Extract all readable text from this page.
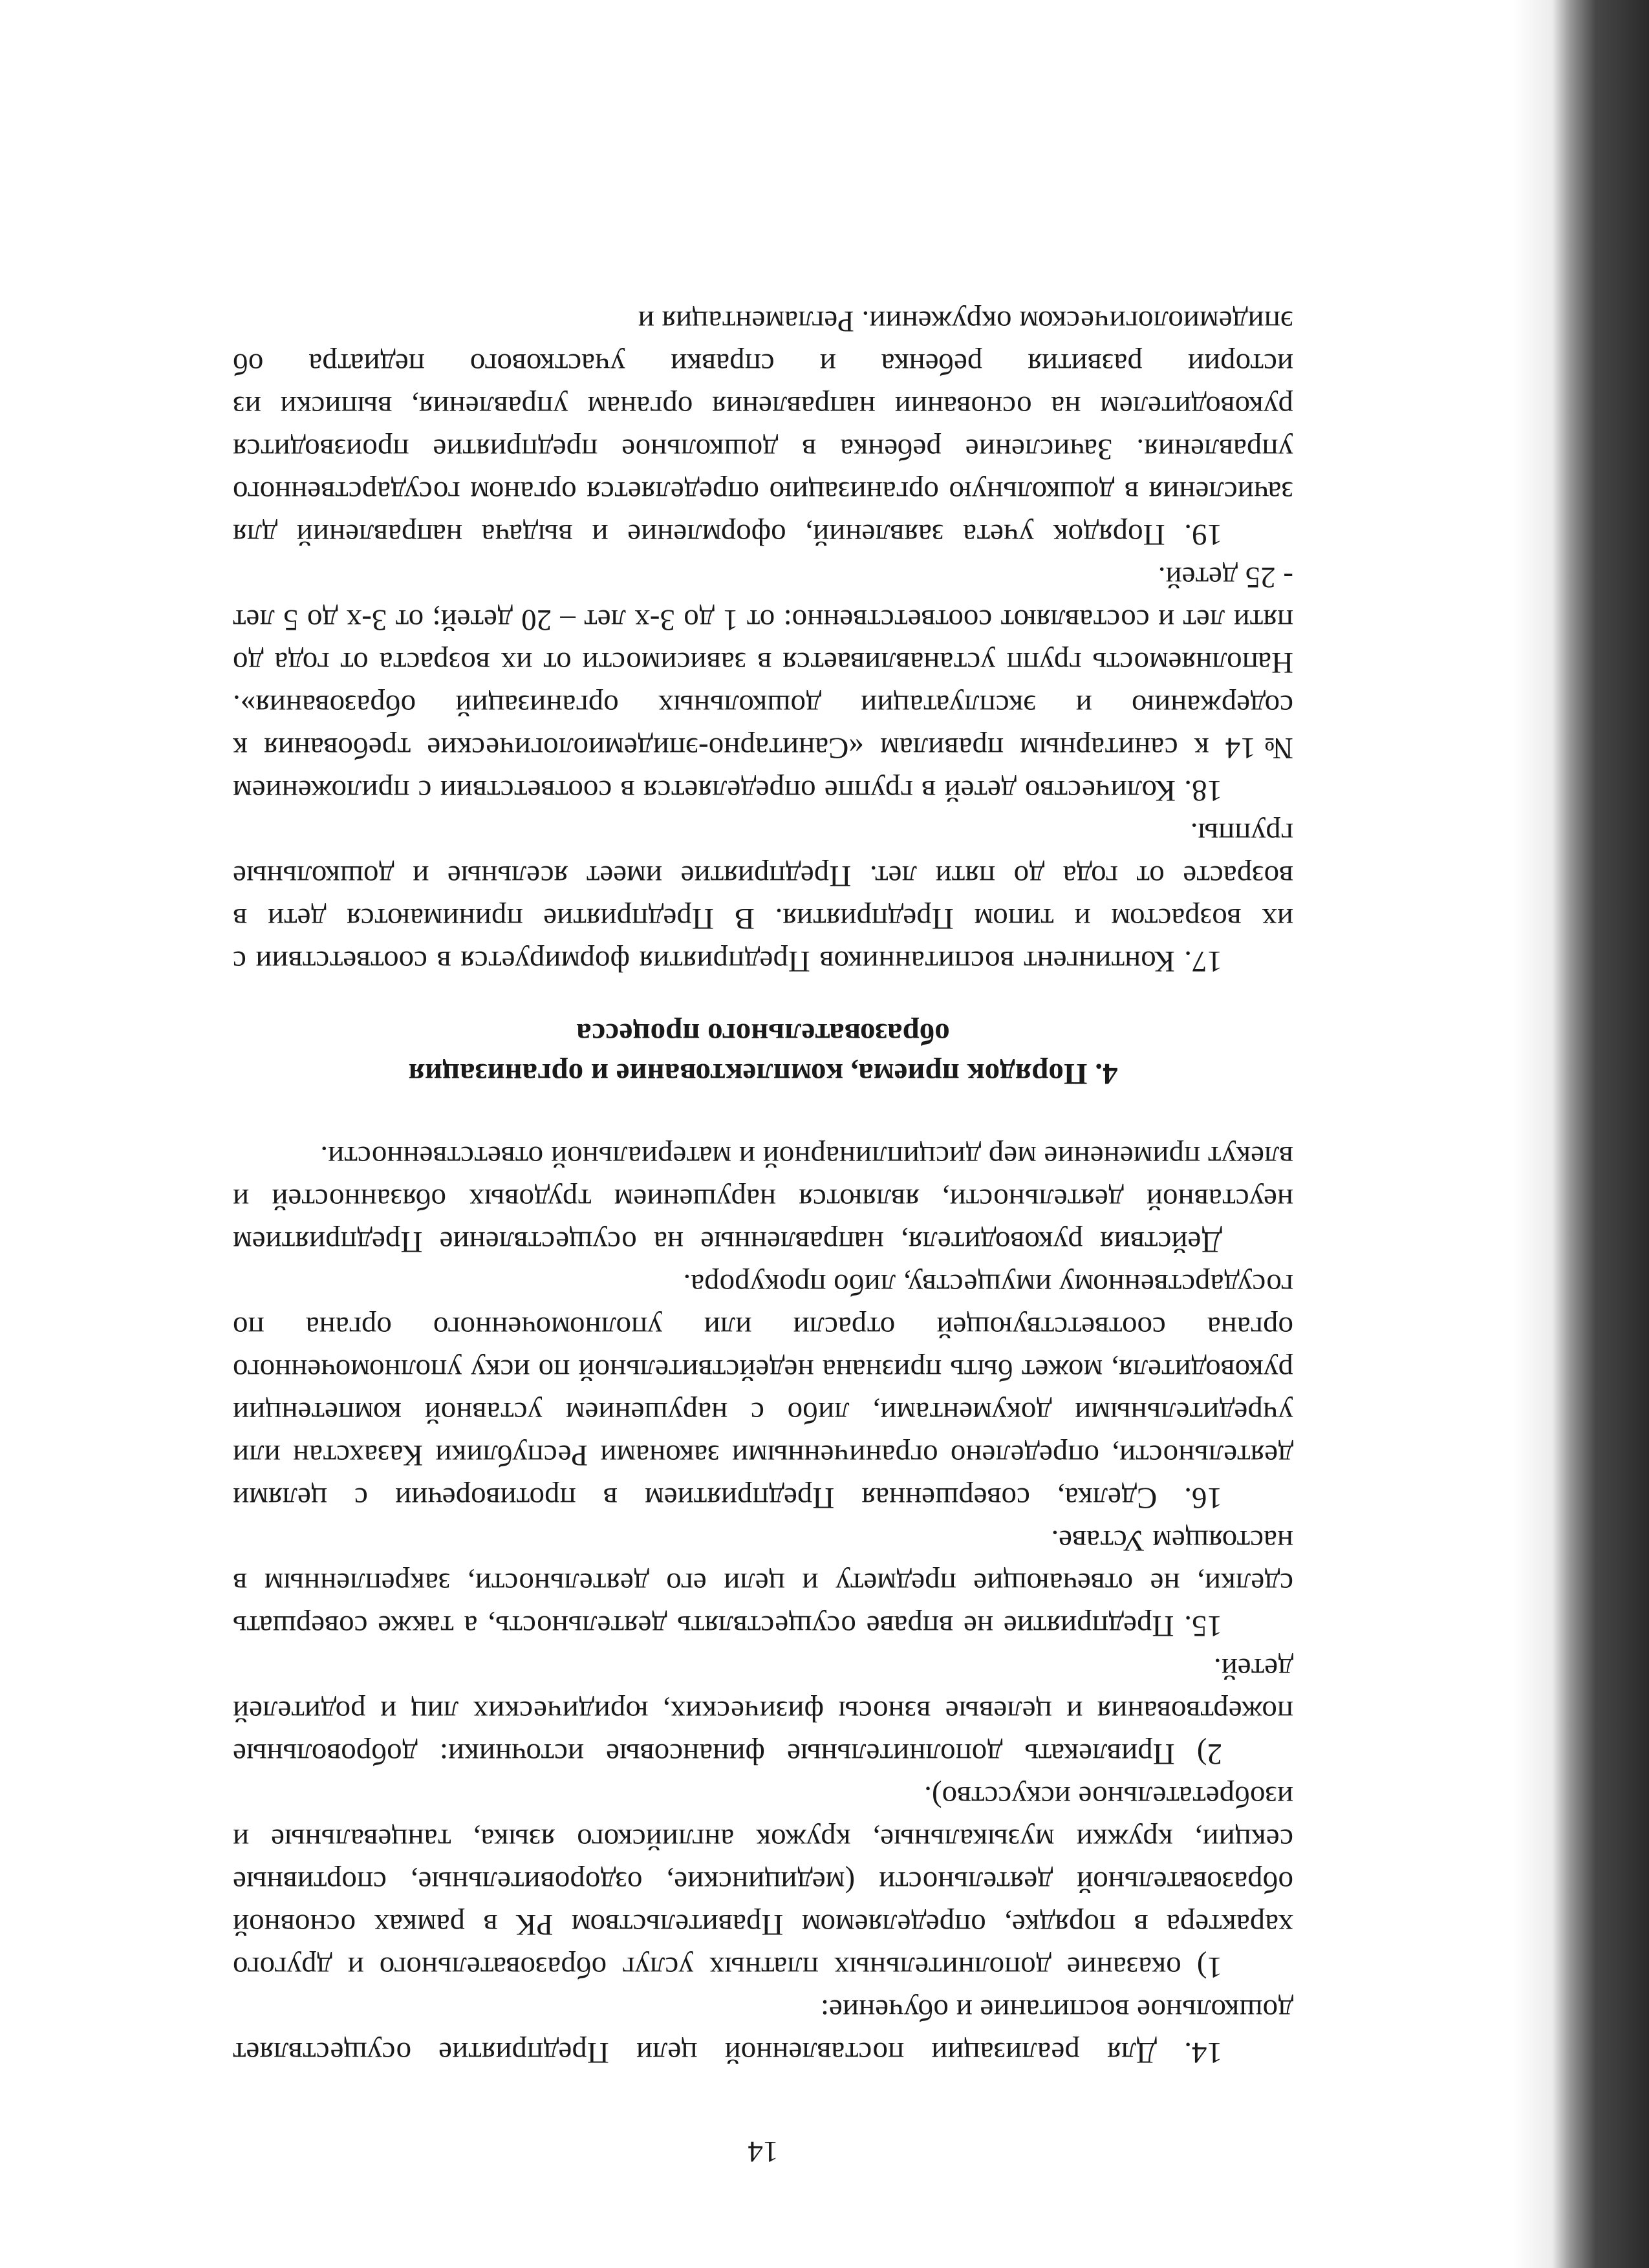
14

14. Для реализации поставленной цели Предприятие осуществляет дошкольное воспитание и обучение:

1) оказание дополнительных платных услуг образовательного и другого характера в порядке, определяемом Правительством РК в рамках основной образовательной деятельности (медицинские, оздоровительные, спортивные секции, кружки музыкальные, кружок английского языка, танцевальные и изобретательное искусство).

2) Привлекать дополнительные финансовые источники: добровольные пожертвования и целевые взносы физических, юридических лиц и родителей детей.

15. Предприятие не вправе осуществлять деятельность, а также совершать сделки, не отвечающие предмету и цели его деятельности, закрепленным в настоящем Уставе.

16. Сделка, совершенная Предприятием в противоречии с целями деятельности, определено ограниченными законами Республики Казахстан или учредительными документами, либо с нарушением уставной компетенции руководителя, может быть признана недействительной по иску уполномоченного органа соответствующей отрасли или уполномоченного органа по государственному имуществу, либо прокурора.

Действия руководителя, направленные на осуществление Предприятием неуставной деятельности, являются нарушением трудовых обязанностей и влекут применение мер дисциплинарной и материальной ответственности.

4. Порядок приема, комплектование и организация
образовательного процесса

17. Контингент воспитанников Предприятия формируется в соответствии с их возрастом и типом Предприятия. В Предприятие принимаются дети в возрасте от года до пяти лет. Предприятие имеет ясельные и дошкольные группы.

18. Количество детей в группе определяется в соответствии с приложением №14 к санитарным правилам «Санитарно-эпидемиологические требования к содержанию и эксплуатации дошкольных организаций образования». Наполняемость групп устанавливается в зависимости от их возраста от года до пяти лет и составляют соответственно: от 1 до 3-х лет – 20 детей; от 3-х до 5 лет - 25 детей.

19. Порядок учета заявлений, оформление и выдача направлений для зачисления в дошкольную организацию определяется органом государственного управления. Зачисление ребенка в дошкольное предприятие производится руководителем на основании направления органам управления, выписки из истории развития ребенка и справки участкового педиатра об эпидемиологическом окружении. Регламентация и
